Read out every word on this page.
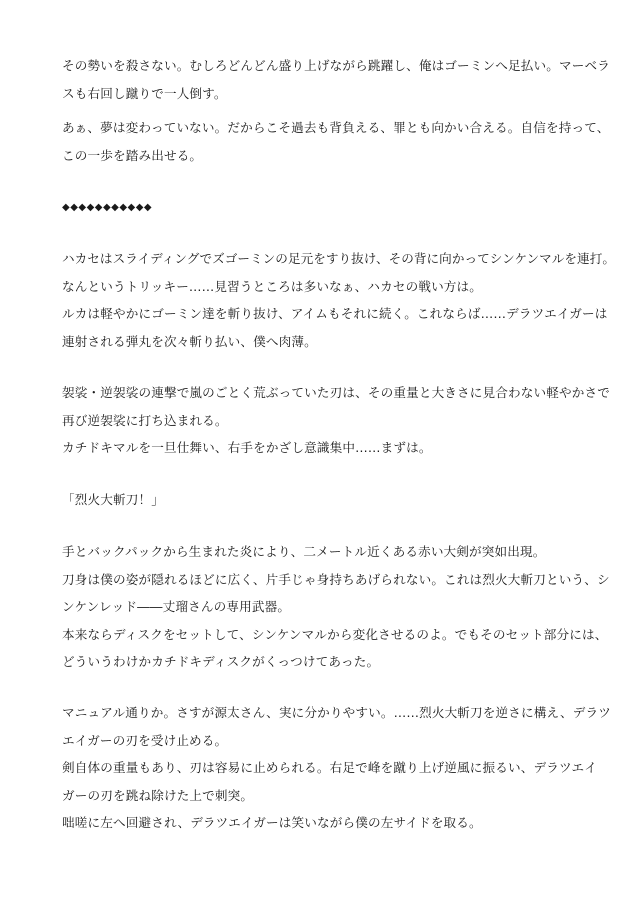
その勢いを殺さない。むしろどんどん盛り上げながら跳躍し、俺はゴーミンへ足払い。マーベラ

スも右回し蹴りで一人倒す。

あぁ、夢は変わっていない。だからこそ過去も背負える、罪とも向かい合える。自信を持って、

この一歩を踏み出せる。

◆◆◆◆◆◆◆◆◆◆◆

ハカセはスライディングでズゴーミンの足元をすり抜け、その背に向かってシンケンマルを連打。

なんというトリッキー……見習うところは多いなぁ、ハカセの戦い方は。

ルカは軽やかにゴーミン達を斬り抜け、アイムもそれに続く。これならば……デラツエイガーは

連射される弾丸を次々斬り払い、僕へ肉薄。

袈裟・逆袈裟の連撃で嵐のごとく荒ぶっていた刃は、その重量と大きさに見合わない軽やかさで

再び逆袈裟に打ち込まれる。

カチドキマルを一旦仕舞い、右手をかざし意識集中……まずは。

「烈火大斬刀！」

手とバックパックから生まれた炎により、二メートル近くある赤い大剣が突如出現。

刀身は僕の姿が隠れるほどに広く、片手じゃ身持ちあげられない。これは烈火大斬刀という、シ

ンケンレッド――丈瑠さんの専用武器。

本来ならディスクをセットして、シンケンマルから変化させるのよ。でもそのセット部分には、

どういうわけかカチドキディスクがくっつけてあった。

マニュアル通りか。さすが源太さん、実に分かりやすい。……烈火大斬刀を逆さに構え、デラツ

エイガーの刃を受け止める。

剣自体の重量もあり、刃は容易に止められる。右足で峰を蹴り上げ逆風に振るい、デラツエイ

ガーの刃を跳ね除けた上で刺突。

咄嗟に左へ回避され、デラツエイガーは笑いながら僕の左サイドを取る。
